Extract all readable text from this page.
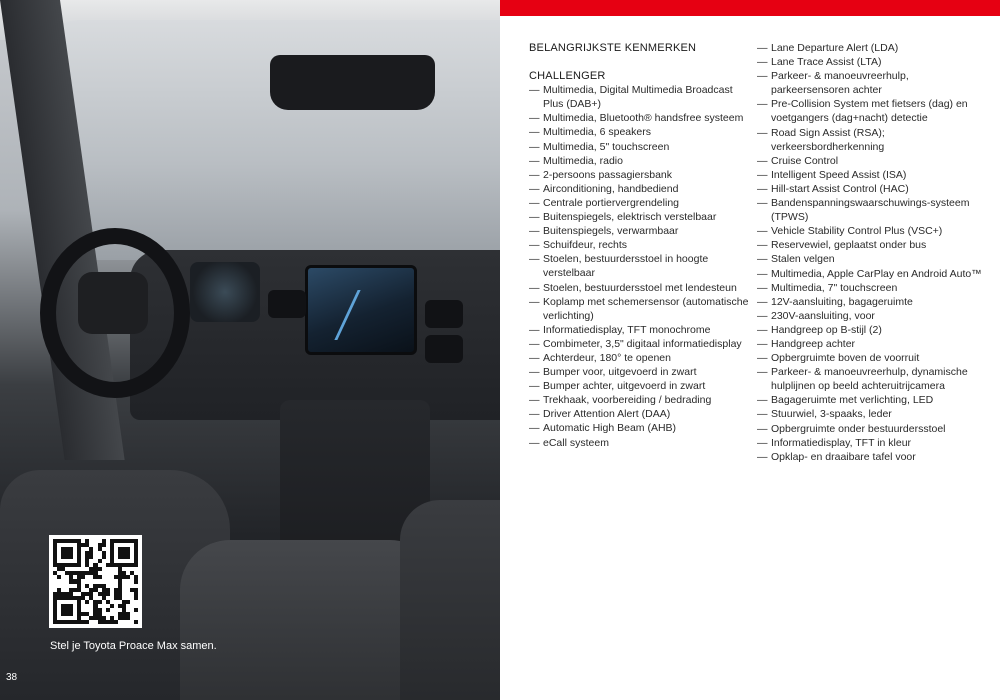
Stel je Toyota Proace Max samen.
38
BELANGRIJKSTE KENMERKEN
CHALLENGER
— Multimedia, Digital Multimedia Broadcast Plus (DAB+)
— Multimedia, Bluetooth® handsfree systeem
— Multimedia, 6 speakers
— Multimedia, 5" touchscreen
— Multimedia, radio
— 2-persoons passagiersbank
— Airconditioning, handbediend
— Centrale portiervergrendeling
— Buitenspiegels, elektrisch verstelbaar
— Buitenspiegels, verwarmbaar
— Schuifdeur, rechts
— Stoelen, bestuurdersstoel in hoogte verstelbaar
— Stoelen, bestuurdersstoel met lendesteun
— Koplamp met schemersensor (automatische verlichting)
— Informatiedisplay, TFT monochrome
— Combimeter, 3,5" digitaal informatiedisplay
— Achterdeur, 180° te openen
— Bumper voor, uitgevoerd in zwart
— Bumper achter, uitgevoerd in zwart
— Trekhaak, voorbereiding / bedrading
— Driver Attention Alert (DAA)
— Automatic High Beam (AHB)
— eCall systeem
— Lane Departure Alert (LDA)
— Lane Trace Assist (LTA)
— Parkeer- & manoeuvreerhulp, parkeersensoren achter
— Pre-Collision System met fietsers (dag) en voetgangers (dag+nacht) detectie
— Road Sign Assist (RSA); verkeersbordherkenning
— Cruise Control
— Intelligent Speed Assist (ISA)
— Hill-start Assist Control (HAC)
— Bandenspanningswaarschuwings-systeem (TPWS)
— Vehicle Stability Control Plus (VSC+)
— Reservewiel, geplaatst onder bus
— Stalen velgen
— Multimedia, Apple CarPlay en Android Auto™
— Multimedia, 7" touchscreen
— 12V-aansluiting, bagageruimte
— 230V-aansluiting, voor
— Handgreep op B-stijl (2)
— Handgreep achter
— Opbergruimte boven de voorruit
— Parkeer- & manoeuvreerhulp, dynamische hulplijnen op beeld achteruitrijcamera
— Bagageruimte met verlichting, LED
— Stuurwiel, 3-spaaks, leder
— Opbergruimte onder bestuurdersstoel
— Informatiedisplay, TFT in kleur
— Opklap- en draaibare tafel voor
